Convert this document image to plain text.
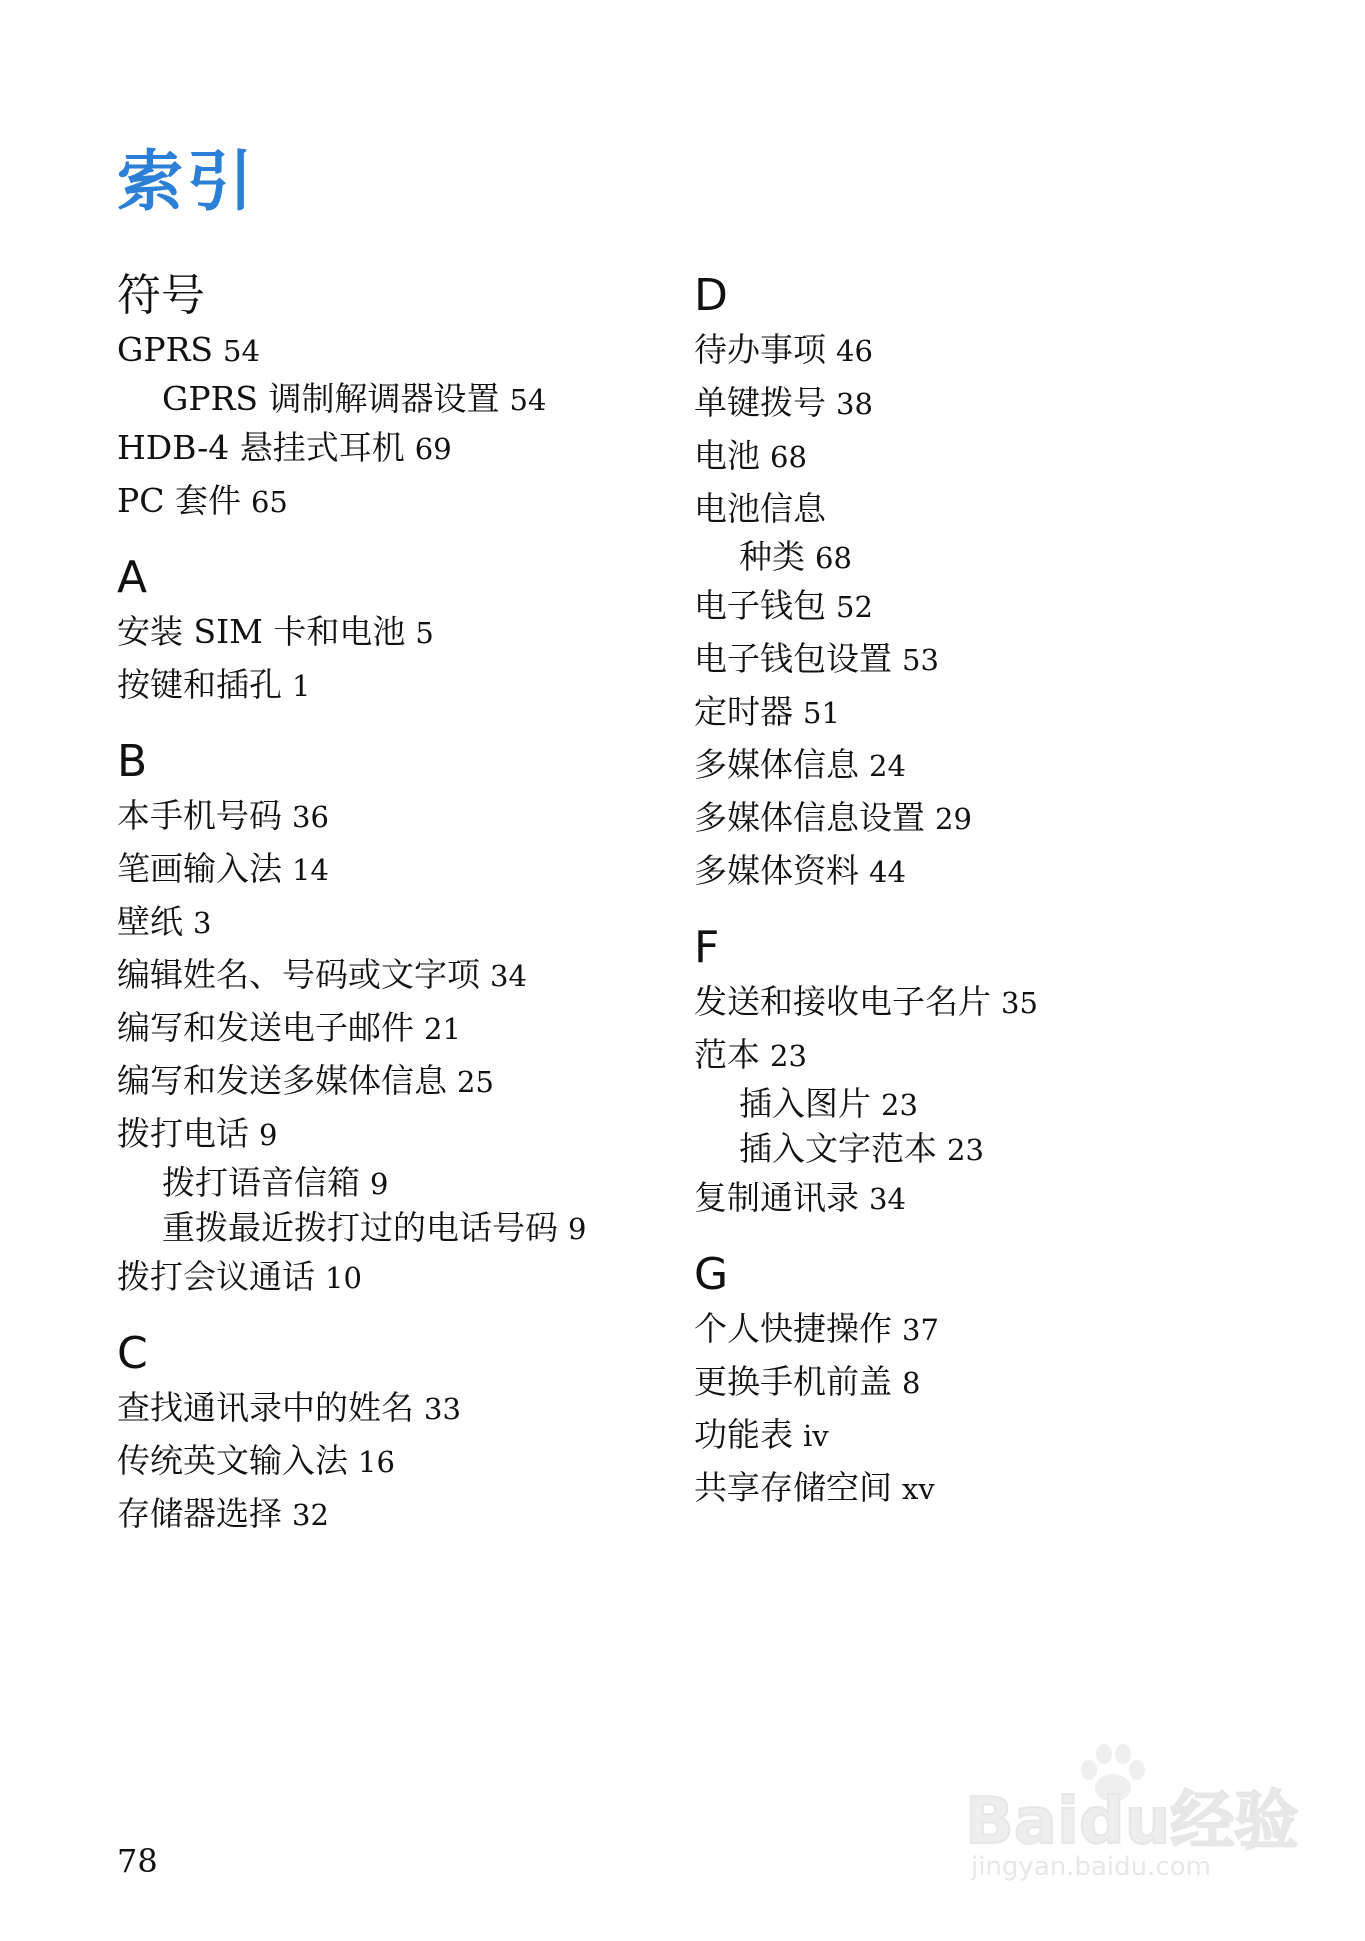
索引
符号
GPRS 54
GPRS 调制解调器设置 54
HDB-4 悬挂式耳机 69
PC 套件 65
A
安装 SIM 卡和电池 5
按键和插孔 1
B
本手机号码 36
笔画输入法 14
壁纸 3
编辑姓名、号码或文字项 34
编写和发送电子邮件 21
编写和发送多媒体信息 25
拨打电话 9
拨打语音信箱 9
重拨最近拨打过的电话号码 9
拨打会议通话 10
C
查找通讯录中的姓名 33
传统英文输入法 16
存储器选择 32
D
待办事项 46
单键拨号 38
电池 68
电池信息
种类 68
电子钱包 52
电子钱包设置 53
定时器 51
多媒体信息 24
多媒体信息设置 29
多媒体资料 44
F
发送和接收电子名片 35
范本 23
插入图片 23
插入文字范本 23
复制通讯录 34
G
个人快捷操作 37
更换手机前盖 8
功能表 iv
共享存储空间 xv
78
Baidu经验
jingyan.baidu.com
